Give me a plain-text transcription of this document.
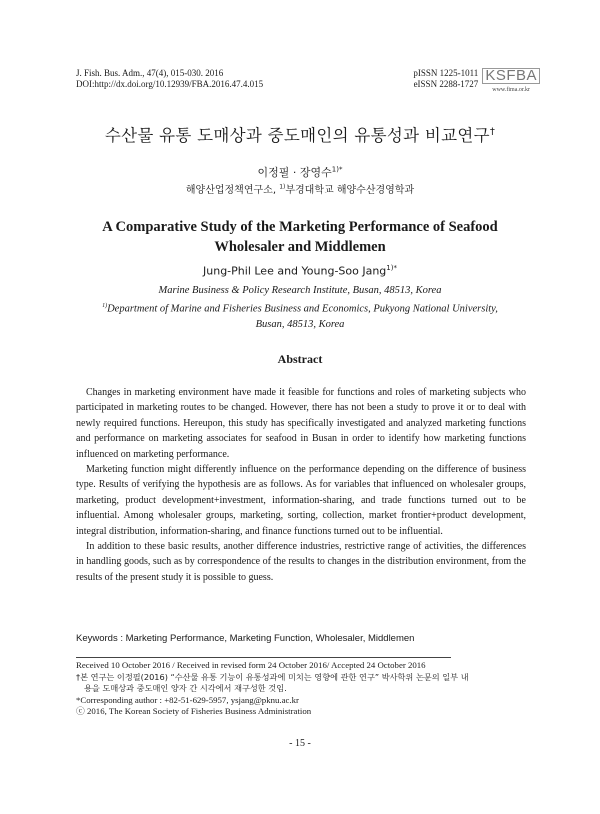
J. Fish. Bus. Adm., 47(4), 015-030. 2016
DOI:http://dx.doi.org/10.12939/FBA.2016.47.4.015
pISSN 1225-1011
eISSN 2288-1727 KSFBA
www.fima.or.kr
수산물 유통 도매상과 중도매인의 유통성과 비교연구†
이정필 · 장영수$^{1)*}$
해양산업정책연구소, $^{1)}$부경대학교 해양수산경영학과
A Comparative Study of the Marketing Performance of Seafood
Wholesaler and Middlemen
Jung-Phil Lee and Young-Soo Jang$^{1)*}$
Marine Business & Policy Research Institute, Busan, 48513, Korea
$^{1)}$Department of Marine and Fisheries Business and Economics, Pukyong National University,
Busan, 48513, Korea
Abstract

Changes in marketing environment have made it feasible for functions and roles of marketing subjects who participated in marketing routes to be changed. However, there has not been a study to prove it or to deal with newly required functions. Hereupon, this study has specifically investigated and analyzed marketing functions and performance on marketing associates for seafood in Busan in order to identify how marketing functions influenced on marketing performance.

Marketing function might differently influence on the performance depending on the difference of business type. Results of verifying the hypothesis are as follows. As for variables that influenced on wholesaler groups, marketing, product development+investment, information-sharing, and trade functions turned out to be influential. Among wholesaler groups, marketing, sorting, collection, market frontier+product development, integral distribution, information-sharing, and finance functions turned out to be influential.

In addition to these basic results, another difference industries, restrictive range of activities, the differences in handling goods, such as by correspondence of the results to changes in the distribution environment, from the results of the present study it is possible to guess.

Keywords : Marketing Performance, Marketing Function, Wholesaler, Middlemen
Received 10 October 2016 / Received in revised form 24 October 2016/ Accepted 24 October 2016
†본 연구는 이정필(2016) “수산물 유통 기능이 유통성과에 미치는 영향에 관한 연구” 박사학위 논문의 일부 내
용을 도매상과 중도매인 양자 간 시각에서 재구성한 것임.
*Corresponding author : +82-51-629-5957, ysjang@pknu.ac.kr
ⓒ 2016, The Korean Society of Fisheries Business Administration
- 15 -
